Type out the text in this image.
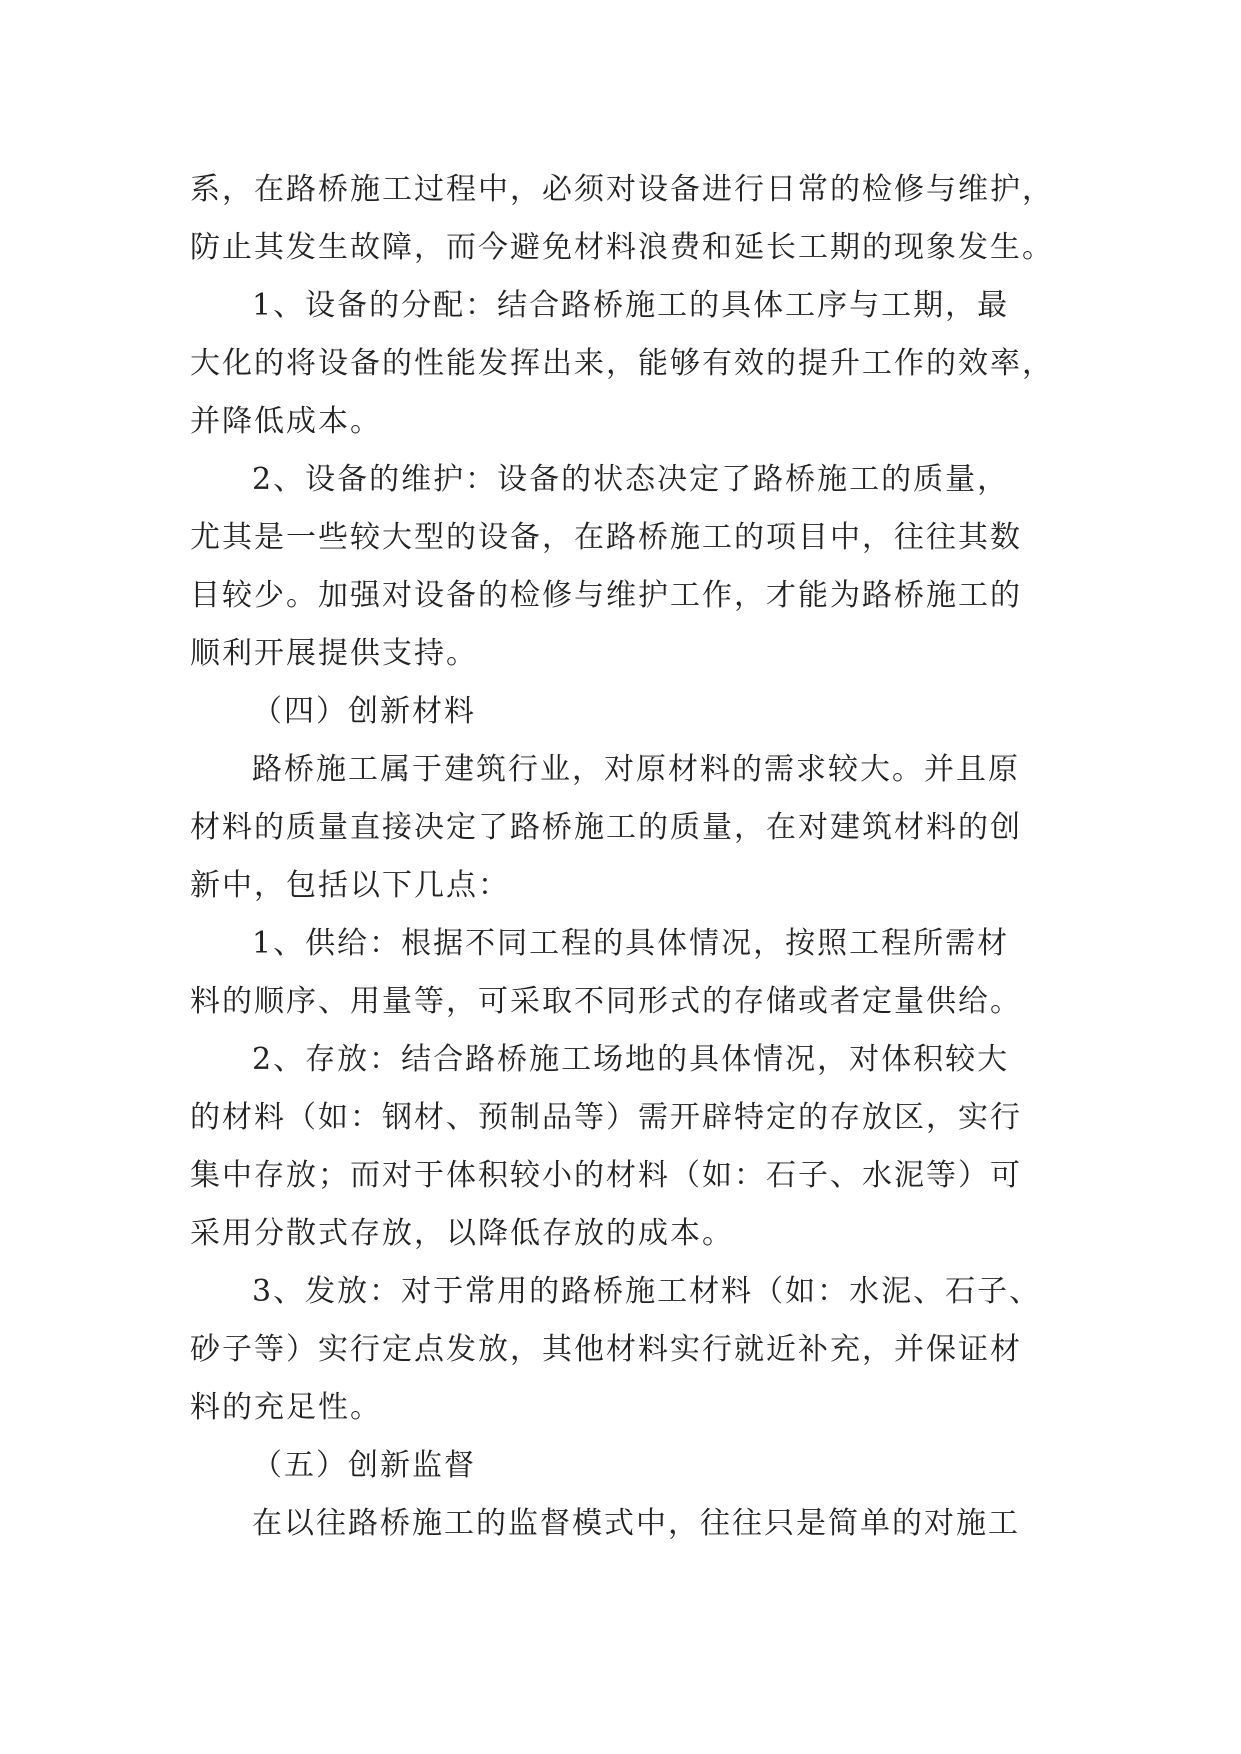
系，在路桥施工过程中，必须对设备进行日常的检修与维护，
防止其发生故障，而今避免材料浪费和延长工期的现象发生。
1、设备的分配：结合路桥施工的具体工序与工期，最
大化的将设备的性能发挥出来，能够有效的提升工作的效率，
并降低成本。
2、设备的维护：设备的状态决定了路桥施工的质量，
尤其是一些较大型的设备，在路桥施工的项目中，往往其数
目较少。加强对设备的检修与维护工作，才能为路桥施工的
顺利开展提供支持。
（四）创新材料
路桥施工属于建筑行业，对原材料的需求较大。并且原
材料的质量直接决定了路桥施工的质量，在对建筑材料的创
新中，包括以下几点：
1、供给：根据不同工程的具体情况，按照工程所需材
料的顺序、用量等，可采取不同形式的存储或者定量供给。
2、存放：结合路桥施工场地的具体情况，对体积较大
的材料（如：钢材、预制品等）需开辟特定的存放区，实行
集中存放；而对于体积较小的材料（如：石子、水泥等）可
采用分散式存放，以降低存放的成本。
3、发放：对于常用的路桥施工材料（如：水泥、石子、
砂子等）实行定点发放，其他材料实行就近补充，并保证材
料的充足性。
（五）创新监督
在以往路桥施工的监督模式中，往往只是简单的对施工
